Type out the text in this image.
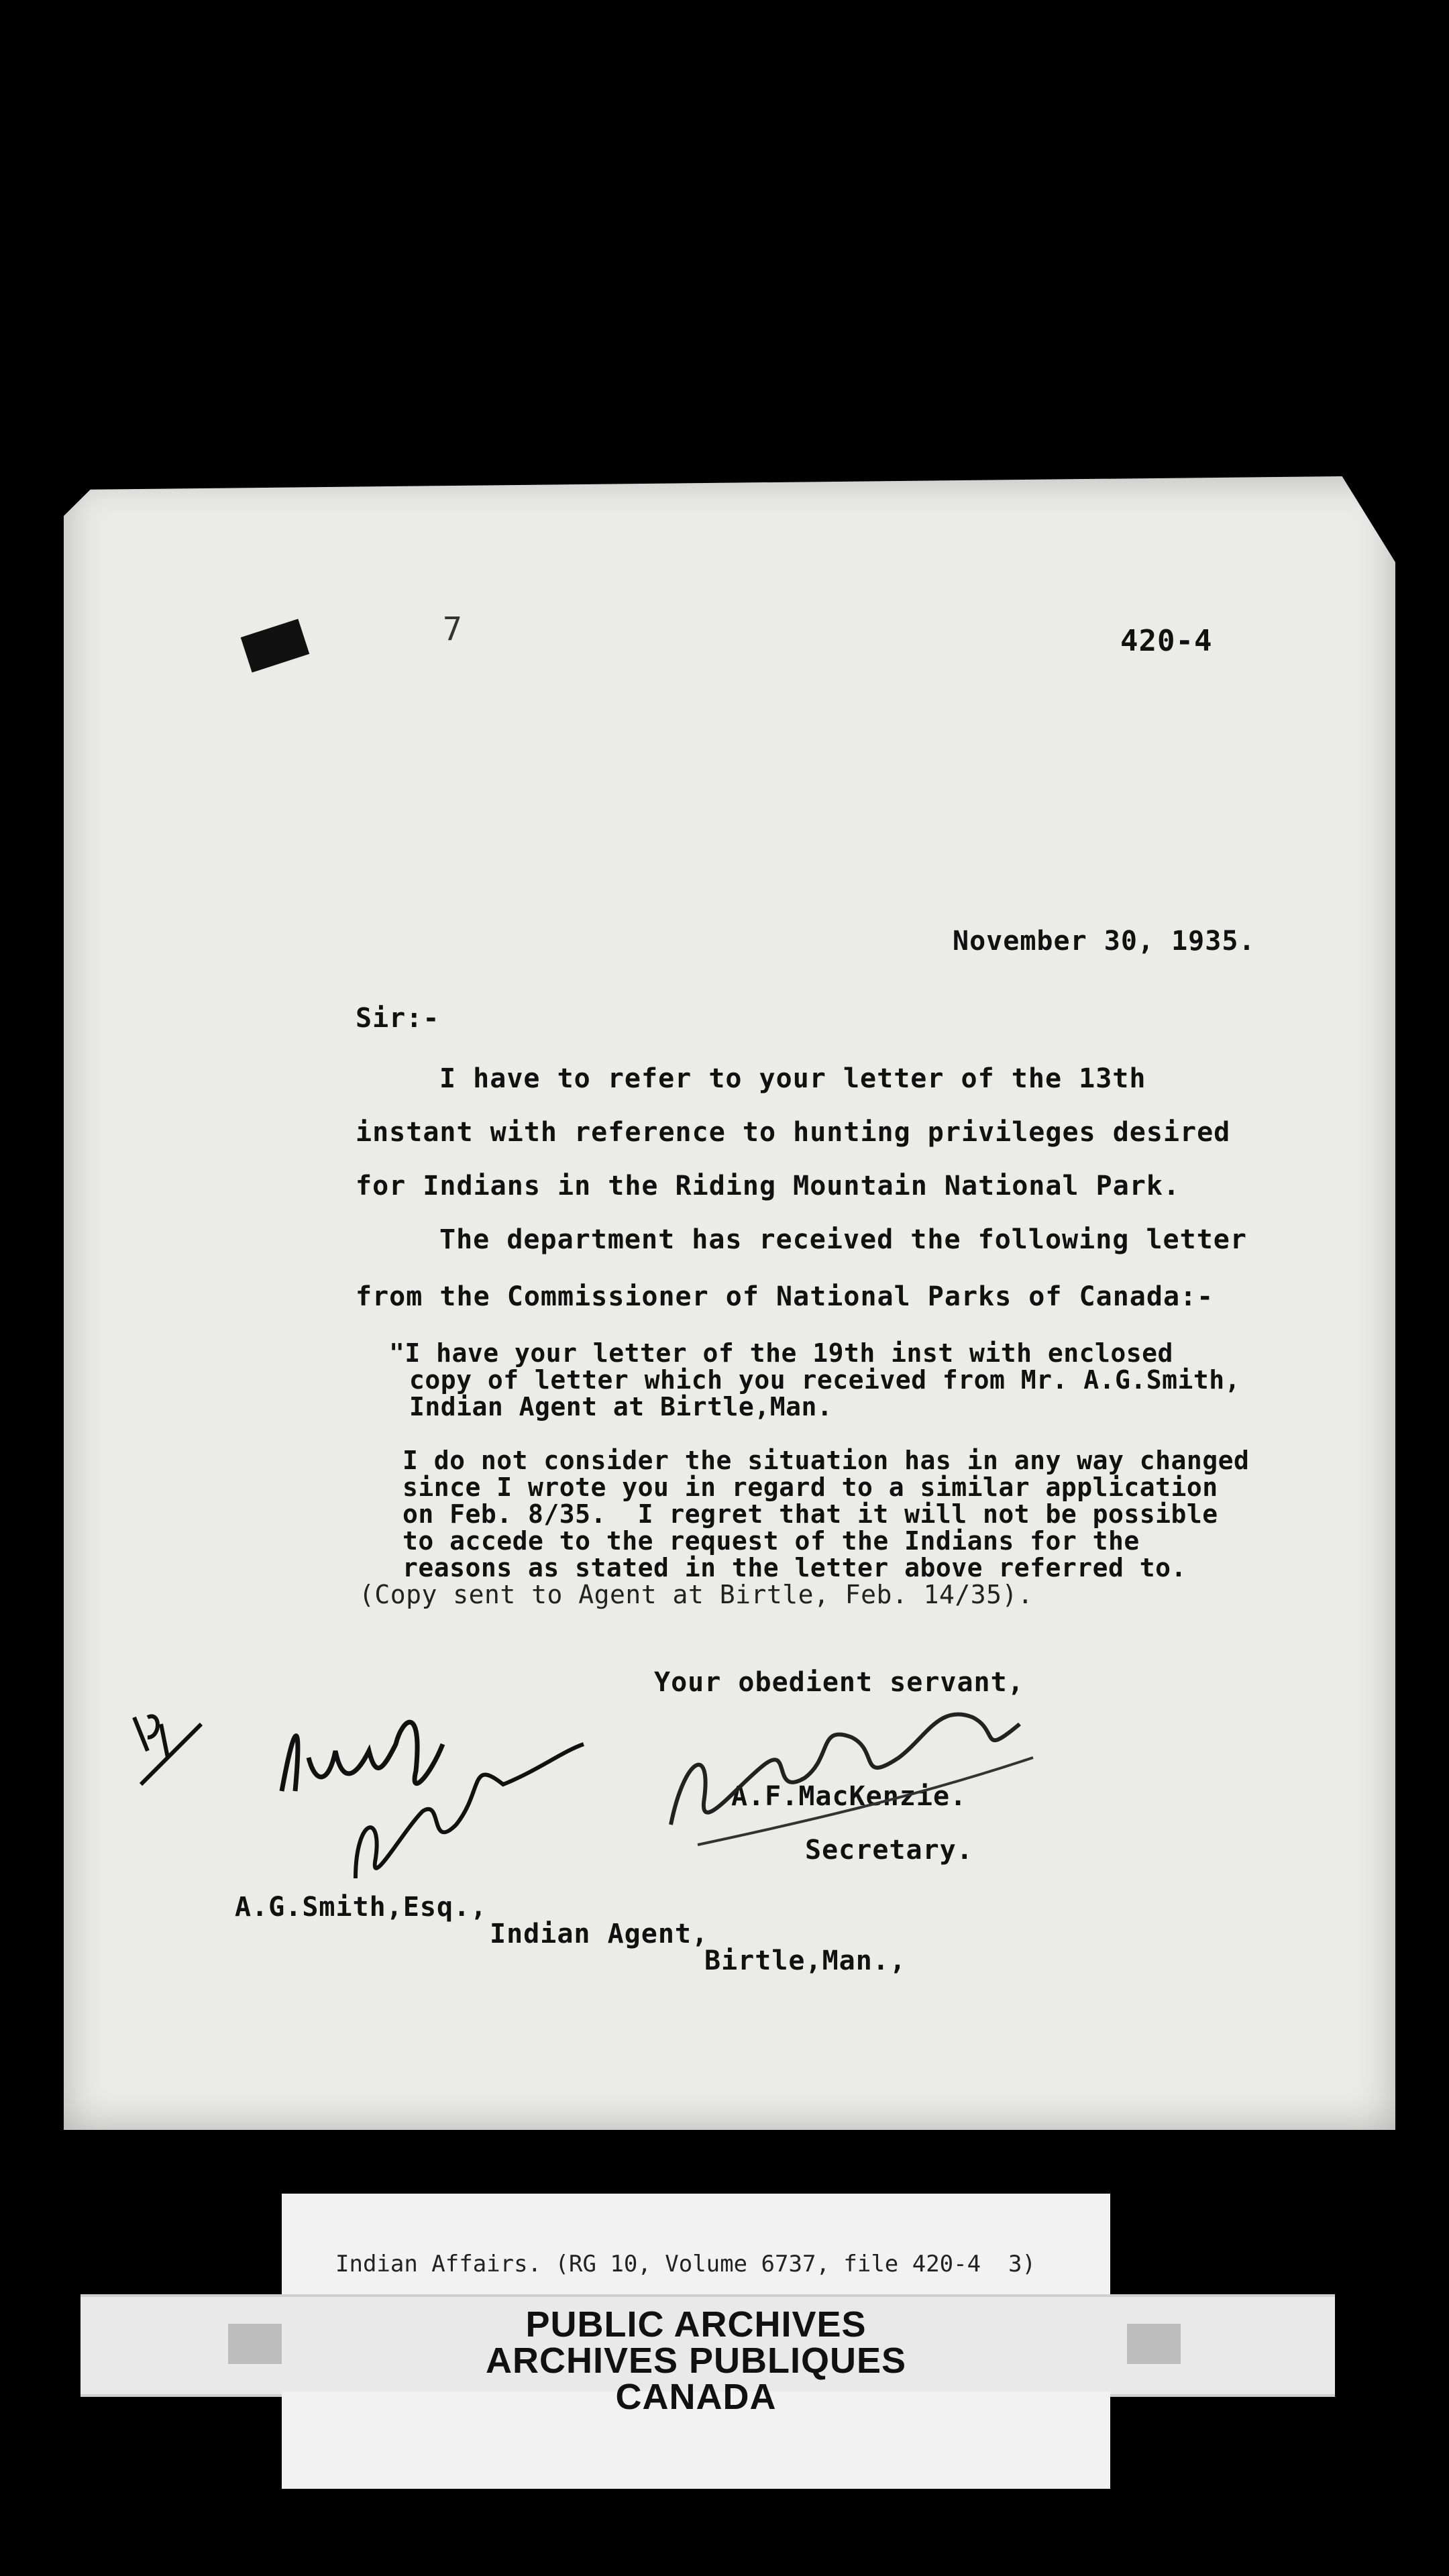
7	420-4
November 30, 1935.
Sir:-
I have to refer to your letter of the 13th
instant with reference to hunting privileges desired
for Indians in the Riding Mountain National Park.
The department has received the following letter
from the Commissioner of National Parks of Canada:-
"I have your letter of the 19th inst with enclosed
copy of letter which you received from Mr. A.G.Smith,
Indian Agent at Birtle,Man.
I do not consider the situation has in any way changed
since I wrote you in regard to a similar application
on Feb. 8/35.  I regret that it will not be possible
to accede to the request of the Indians for the
reasons as stated in the letter above referred to.
(Copy sent to Agent at Birtle, Feb. 14/35).
Your obedient servant,
A.F.MacKenzie.
Secretary.
A.G.Smith,Esq.,
Indian Agent,
Birtle,Man.,
Indian Affairs. (RG 10, Volume 6737, file 420-4  3)
PUBLIC ARCHIVES
ARCHIVES PUBLIQUES
CANADA
